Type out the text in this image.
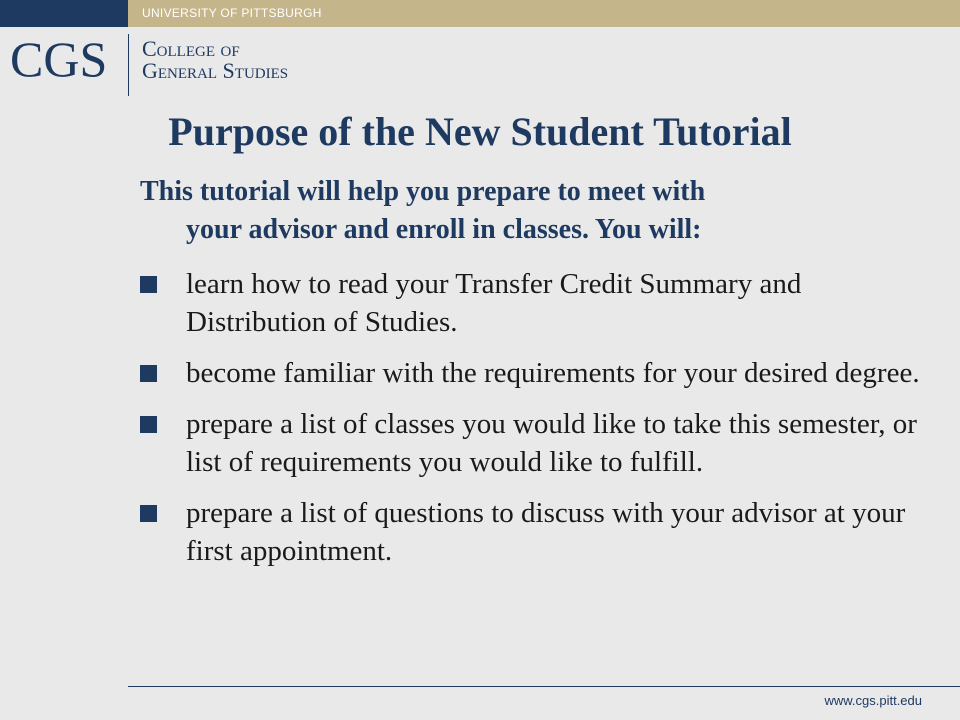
UNIVERSITY OF PITTSBURGH
CGS College of
General Studies
Purpose of the New Student Tutorial
This tutorial will help you prepare to meet with
your advisor and enroll in classes. You will:
learn how to read your Transfer Credit Summary and Distribution of Studies.
become familiar with the requirements for your desired degree.
prepare a list of classes you would like to take this semester, or list of requirements you would like to fulfill.
prepare a list of questions to discuss with your advisor at your first appointment.
www.cgs.pitt.edu
